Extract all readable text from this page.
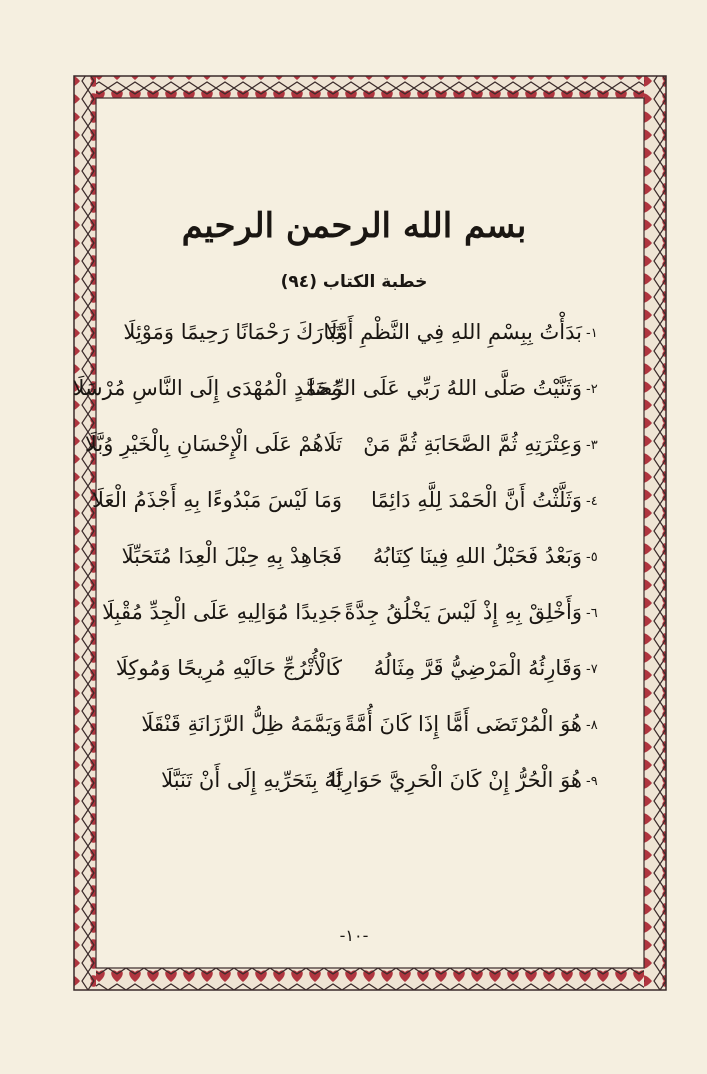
بسم الله الرحمن الرحيم
خطبة الكتاب (٩٤)
١-
بَدَأْتُ بِبِسْمِ اللهِ فِي النَّظْمِ أَوَّلَا
تَبَارَكَ رَحْمَانًا رَحِيمًا وَمَوْئِلَا
٢-
وَثَنَّيْتُ صَلَّى اللهُ رَبِّي عَلَى الرِّضَا
مُحَمَّدٍ الْمُهْدَى إِلَى النَّاسِ مُرْسَلَا
٣-
وَعِتْرَتِهِ ثُمَّ الصَّحَابَةِ ثُمَّ مَنْ
تَلَاهُمْ عَلَى الْإِحْسَانِ بِالْخَيْرِ وُبَّلَا
٤-
وَثَلَّثْتُ أَنَّ الْحَمْدَ لِلَّهِ دَائِمًا
وَمَا لَيْسَ مَبْدُوءًا بِهِ أَجْذَمُ الْعَلَا
٥-
وَبَعْدُ فَحَبْلُ اللهِ فِينَا كِتَابُهُ
فَجَاهِدْ بِهِ حِبْلَ الْعِدَا مُتَحَبِّلَا
٦-
وَأَخْلِقْ بِهِ إِذْ لَيْسَ يَخْلُقُ جِدَّةً
جَدِيدًا مُوَالِيهِ عَلَى الْجِدِّ مُقْبِلَا
٧-
وَقَارِئُهُ الْمَرْضِيُّ قَرَّ مِثَالُهُ
كَالْأُتْرُجِّ حَالَيْهِ مُرِيحًا وَمُوكِلَا
٨-
هُوَ الْمُرْتَضَى أَمًّا إِذَا كَانَ أُمَّةً
وَيَمَّمَهُ ظِلُّ الرَّزَانَةِ قَنْقَلَا
٩-
هُوَ الْحُرُّ إِنْ كَانَ الْحَرِيَّ حَوَارِيًا
لَهُ بِتَحَرِّيهِ إِلَى أَنْ تَنَبَّلَا
-١٠-
